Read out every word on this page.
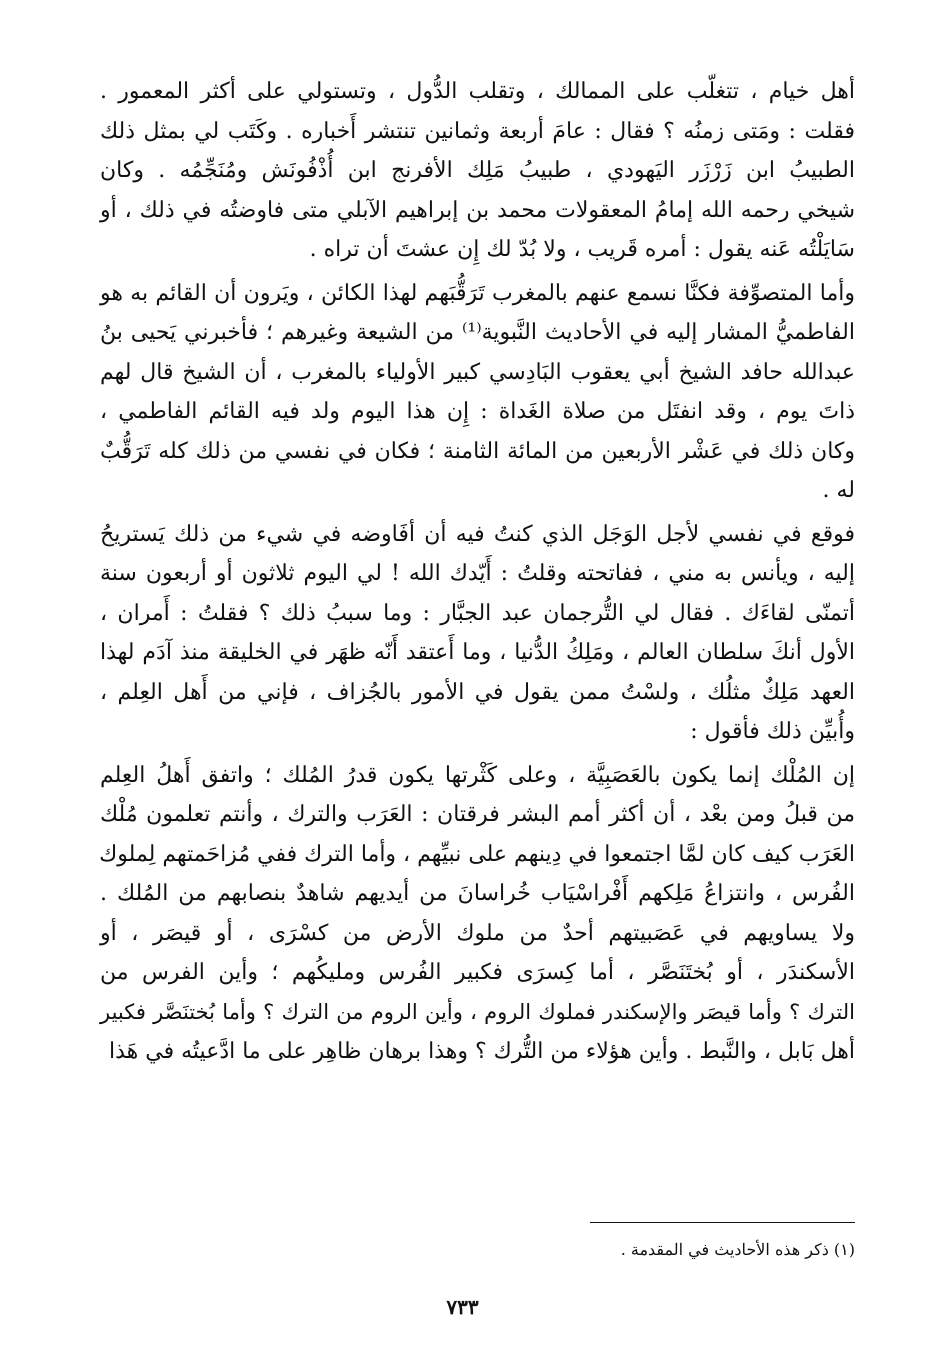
أهل خيام ، تتغلّب على الممالك ، وتقلب الدُّول ، وتستولي على أكثر المعمور .
فقلت : ومَتى زمنُه ؟ فقال : عامَ أربعة وثمانين تنتشر أَخباره . وكَتَب لي بمثل ذلك
الطبيبُ ابن زَرْزَر اليَهودي ، طبيبُ مَلِك الأفرنج ابن أُذْفُونَش ومُنَجِّمُه . وكان
شيخي رحمه الله إمامُ المعقولات محمد بن إبراهيم الآبلي متى فاوضتُه في ذلك ، أو
سَايَلْتُه عَنه يقول : أمره قَريب ، ولا بُدّ لك إِن عشتَ أن تراه .
وأما المتصوِّفة فكنَّا نسمع عنهم بالمغرب تَرَقُّبَهم لهذا الكائن ، ويَرون أن القائم به هو
الفاطميُّ المشار إليه في الأحاديث النَّبوية⁽¹⁾ من الشيعة وغيرهم ؛ فأخبرني يَحيى بنُ
عبدالله حافد الشيخ أبي يعقوب البَادِسي كبير الأولياء بالمغرب ، أن الشيخ قال لهم
ذاتَ يوم ، وقد انفتَل من صلاة الغَداة : إِن هذا اليوم ولد فيه القائم الفاطمي ،
وكان ذلك في عَشْر الأربعين من المائة الثامنة ؛ فكان في نفسي من ذلك كله تَرَقُّبٌ
له .
فوقع في نفسي لأجل الوَجَل الذي كنتُ فيه أن أفَاوضه في شيء من ذلك يَستريحُ
إليه ، ويأنس به مني ، ففاتحته وقلتُ : أَيّدك الله ! لي اليوم ثلاثون أو أربعون سنة
أتمنّى لقاءَك . فقال لي التُّرجمان عبد الجبَّار : وما سببُ ذلك ؟ فقلتُ : أَمران ،
الأول أنكَ سلطان العالم ، ومَلِكُ الدُّنيا ، وما أَعتقد أَنّه ظهَر في الخليقة منذ آدَم لهذا
العهد مَلِكٌ مثلُك ، ولسْتُ ممن يقول في الأمور بالجُزاف ، فإني من أَهل العِلم ،
وأُبيِّن ذلك فأقول :
إن المُلْك إنما يكون بالعَصَبِيَّة ، وعلى كَثْرتها يكون قدرُ المُلك ؛ واتفق أَهلُ العِلم
من قبلُ ومن بعْد ، أن أكثر أمم البشر فرقتان : العَرَب والترك ، وأنتم تعلمون مُلْك
العَرَب كيف كان لمَّا اجتمعوا في دِينهم على نبيِّهم ، وأما الترك ففي مُزاحَمتهم لِملوك
الفُرس ، وانتزاعُ مَلِكهم أَفْراسْيَاب خُراسانَ من أيديهم شاهدٌ بنصابهم من المُلك .
ولا يساويهم في عَصَبيتهم أحدٌ من ملوك الأرض من كسْرَى ، أو قيصَر ، أو
الأسكندَر ، أو بُختَنَصَّر ، أما كِسرَى فكبير الفُرس ومليكُهم ؛ وأين الفرس من
الترك ؟ وأما قيصَر والإسكندر فملوك الروم ، وأين الروم من الترك ؟ وأما بُختنَصَّر فكبير
أهل بَابل ، والنَّبط . وأين هؤلاء من التُّرك ؟ وهذا برهان ظاهِر على ما ادَّعيتُه في هَذا
(١) ذكر هذه الأحاديث في المقدمة .
٧٣٣
